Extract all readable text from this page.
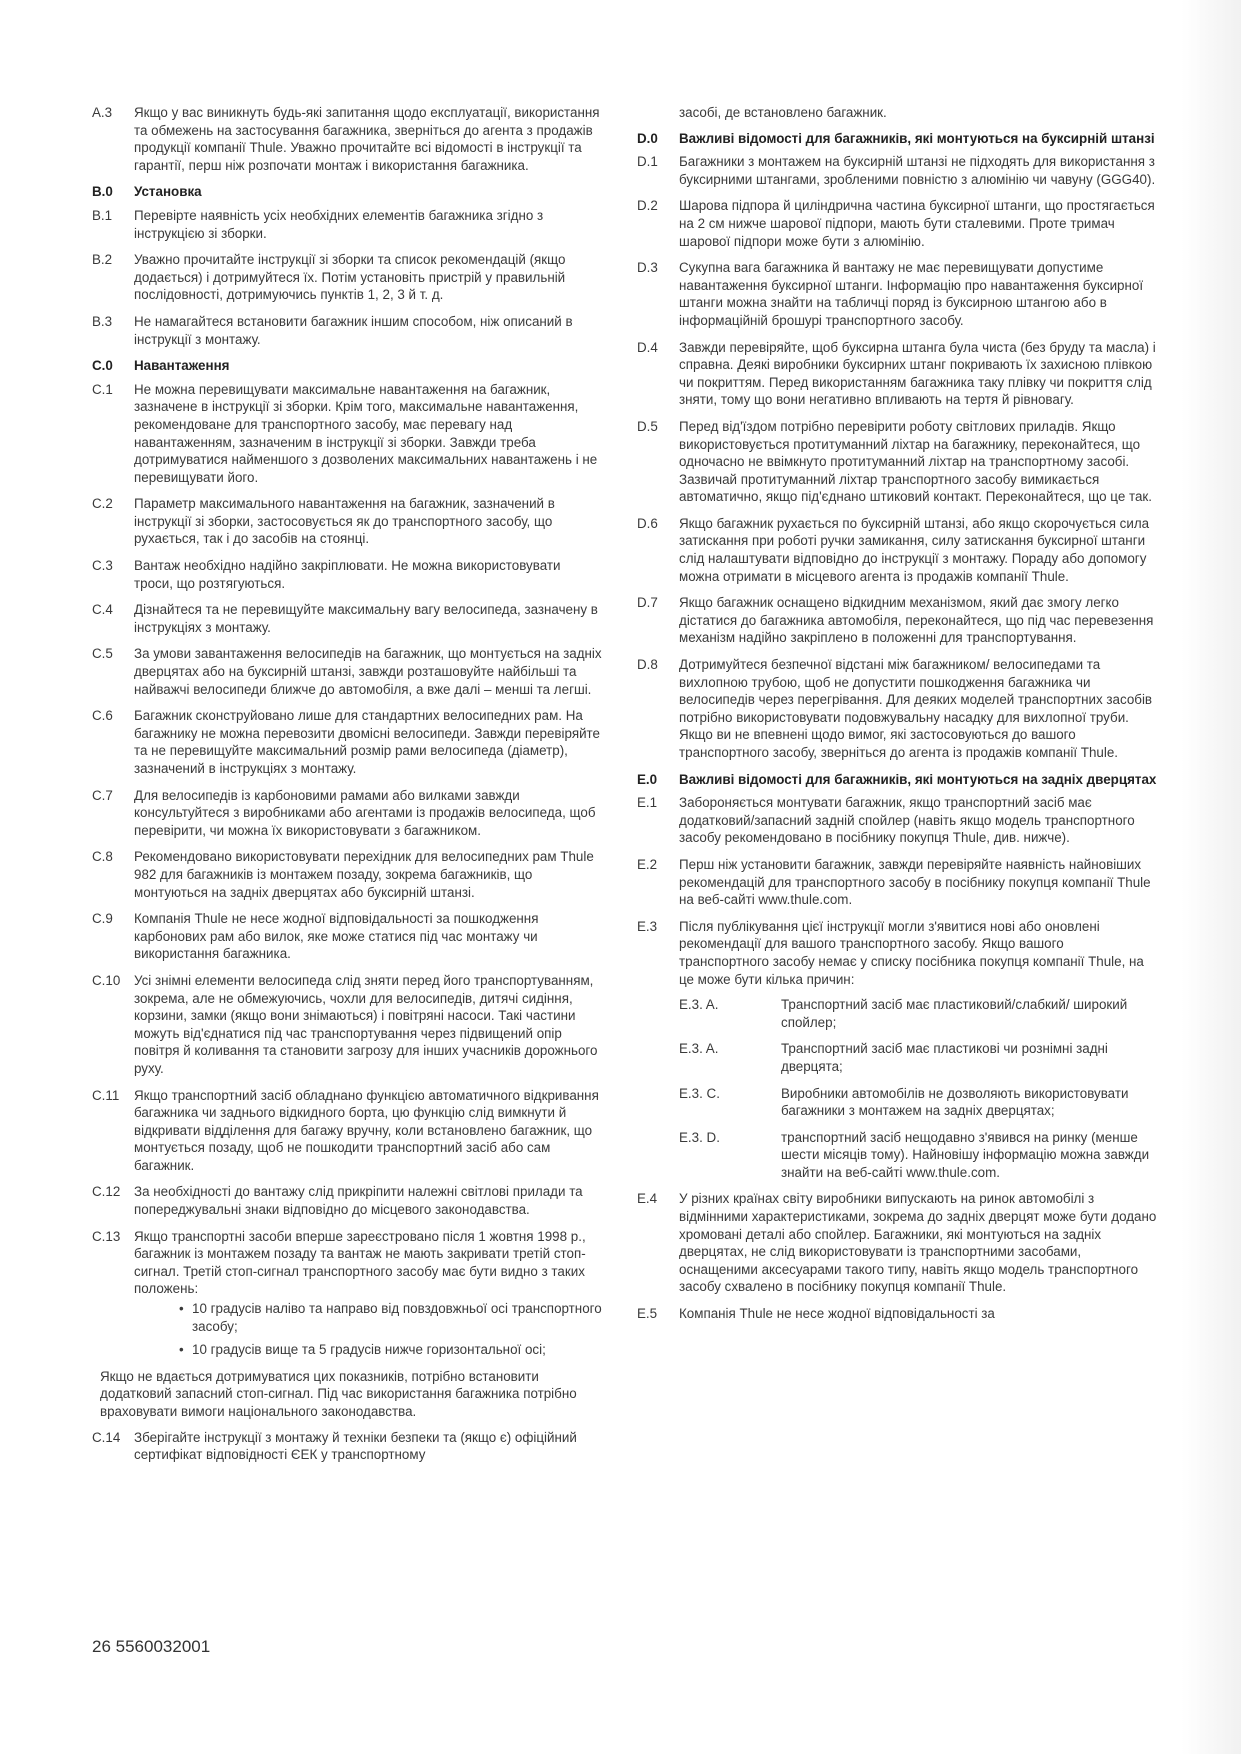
A.3 Якщо у вас виникнуть будь-які запитання щодо експлуатації, використання та обмежень на застосування багажника, зверніться до агента з продажів продукції компанії Thule. Уважно прочитайте всі відомості в інструкції та гарантії, перш ніж розпочати монтаж і використання багажника.
B.0 Установка
B.1 Перевірте наявність усіх необхідних елементів багажника згідно з інструкцією зі зборки.
B.2 Уважно прочитайте інструкції зі зборки та список рекомендацій (якщо додається) і дотримуйтеся їх. Потім установіть пристрій у правильній послідовності, дотримуючись пунктів 1, 2, 3 й т. д.
B.3 Не намагайтеся встановити багажник іншим способом, ніж описаний в інструкції з монтажу.
C.0 Навантаження
C.1 Не можна перевищувати максимальне навантаження на багажник, зазначене в інструкції зі зборки. Крім того, максимальне навантаження, рекомендоване для транспортного засобу, має перевагу над навантаженням, зазначеним в інструкції зі зборки. Завжди треба дотримуватися найменшого з дозволених максимальних навантажень і не перевищувати його.
C.2 Параметр максимального навантаження на багажник, зазначений в інструкції зі зборки, застосовується як до транспортного засобу, що рухається, так і до засобів на стоянці.
C.3 Вантаж необхідно надійно закріплювати. Не можна використовувати троси, що розтягуються.
C.4 Дізнайтеся та не перевищуйте максимальну вагу велосипеда, зазначену в інструкціях з монтажу.
C.5 За умови завантаження велосипедів на багажник, що монтується на задніх дверцятах або на буксирній штанзі, завжди розташовуйте найбільші та найважчі велосипеди ближче до автомобіля, а вже далі – менші та легші.
C.6 Багажник сконструйовано лише для стандартних велосипедних рам. На багажнику не можна перевозити двомісні велосипеди. Завжди перевіряйте та не перевищуйте максимальний розмір рами велосипеда (діаметр), зазначений в інструкціях з монтажу.
C.7 Для велосипедів із карбоновими рамами або вилками завжди консультуйтеся з виробниками або агентами із продажів велосипеда, щоб перевірити, чи можна їх використовувати з багажником.
C.8 Рекомендовано використовувати перехідник для велосипедних рам Thule 982 для багажників із монтажем позаду, зокрема багажників, що монтуються на задніх дверцятах або буксирній штанзі.
C.9 Компанія Thule не несе жодної відповідальності за пошкодження карбонових рам або вилок, яке може статися під час монтажу чи використання багажника.
C.10 Усі знімні елементи велосипеда слід зняти перед його транспортуванням, зокрема, але не обмежуючись, чохли для велосипедів, дитячі сидіння, корзини, замки (якщо вони знімаються) і повітряні насоси. Такі частини можуть від'єднатися під час транспортування через підвищений опір повітря й коливання та становити загрозу для інших учасників дорожнього руху.
C.11 Якщо транспортний засіб обладнано функцією автоматичного відкривання багажника чи заднього відкидного борта, цю функцію слід вимкнути й відкривати відділення для багажу вручну, коли встановлено багажник, що монтується позаду, щоб не пошкодити транспортний засіб або сам багажник.
C.12 За необхідності до вантажу слід прикріпити належні світлові прилади та попереджувальні знаки відповідно до місцевого законодавства.
C.13 Якщо транспортні засоби вперше зареєстровано після 1 жовтня 1998 р., багажник із монтажем позаду та вантаж не мають закривати третій стоп-сигнал. Третій стоп-сигнал транспортного засобу має бути видно з таких положень:
• 10 градусів наліво та направо від повздовжньої осі транспортного засобу;
• 10 градусів вище та 5 градусів нижче горизонтальної осі;
Якщо не вдається дотримуватися цих показників, потрібно встановити додатковий запасний стоп-сигнал. Під час використання багажника потрібно враховувати вимоги національного законодавства.
C.14 Зберігайте інструкції з монтажу й техніки безпеки та (якщо є) офіційний сертифікат відповідності ЄЕК у транспортному
засобі, де встановлено багажник.
D.0 Важливі відомості для багажників, які монтуються на буксирній штанзі
D.1 Багажники з монтажем на буксирній штанзі не підходять для використання з буксирними штангами, зробленими повністю з алюмінію чи чавуну (GGG40).
D.2 Шарова підпора й циліндрична частина буксирної штанги, що простягається на 2 см нижче шарової підпори, мають бути сталевими. Проте тримач шарової підпори може бути з алюмінію.
D.3 Сукупна вага багажника й вантажу не має перевищувати допустиме навантаження буксирної штанги. Інформацію про навантаження буксирної штанги можна знайти на табличці поряд із буксирною штангою або в інформаційній брошурі транспортного засобу.
D.4 Завжди перевіряйте, щоб буксирна штанга була чиста (без бруду та масла) і справна. Деякі виробники буксирних штанг покривають їх захисною плівкою чи покриттям. Перед використанням багажника таку плівку чи покриття слід зняти, тому що вони негативно впливають на тертя й рівновагу.
D.5 Перед від'їздом потрібно перевірити роботу світлових приладів. Якщо використовується протитуманний ліхтар на багажнику, переконайтеся, що одночасно не ввімкнуто протитуманний ліхтар на транспортному засобі. Зазвичай протитуманний ліхтар транспортного засобу вимикається автоматично, якщо під'єднано штиковий контакт. Переконайтеся, що це так.
D.6 Якщо багажник рухається по буксирній штанзі, або якщо скорочується сила затискання при роботі ручки замикання, силу затискання буксирної штанги слід налаштувати відповідно до інструкції з монтажу. Пораду або допомогу можна отримати в місцевого агента із продажів компанії Thule.
D.7 Якщо багажник оснащено відкидним механізмом, який дає змогу легко дістатися до багажника автомобіля, переконайтеся, що під час перевезення механізм надійно закріплено в положенні для транспортування.
D.8 Дотримуйтеся безпечної відстані між багажником/ велосипедами та вихлопною трубою, щоб не допустити пошкодження багажника чи велосипедів через перегрівання. Для деяких моделей транспортних засобів потрібно використовувати подовжувальну насадку для вихлопної труби. Якщо ви не впевнені щодо вимог, які застосовуються до вашого транспортного засобу, зверніться до агента із продажів компанії Thule.
E.0 Важливі відомості для багажників, які монтуються на задніх дверцятах
E.1 Забороняється монтувати багажник, якщо транспортний засіб має додатковий/запасний задній спойлер (навіть якщо модель транспортного засобу рекомендовано в посібнику покупця Thule, див. нижче).
E.2 Перш ніж установити багажник, завжди перевіряйте наявність найновіших рекомендацій для транспортного засобу в посібнику покупця компанії Thule на веб-сайті www.thule.com.
E.3 Після публікування цієї інструкції могли з'явитися нові або оновлені рекомендації для вашого транспортного засобу. Якщо вашого транспортного засобу немає у списку посібника покупця компанії Thule, на це може бути кілька причин:
E.3. A.	Транспортний засіб має пластиковий/слабкий/ широкий спойлер;
E.3. A.	Транспортний засіб має пластикові чи рознімні задні дверцята;
E.3. C.	Виробники автомобілів не дозволяють використовувати багажники з монтажем на задніх дверцятах;
E.3. D.	транспортний засіб нещодавно з'явився на ринку (менше шести місяців тому). Найновішу інформацію можна завжди знайти на веб-сайті www.thule.com.
E.4 У різних країнах світу виробники випускають на ринок автомобілі з відмінними характеристиками, зокрема до задніх дверцят може бути додано хромовані деталі або спойлер. Багажники, які монтуються на задніх дверцятах, не слід використовувати із транспортними засобами, оснащеними аксесуарами такого типу, навіть якщо модель транспортного засобу схвалено в посібнику покупця компанії Thule.
E.5 Компанія Thule не несе жодної відповідальності за
26 5560032001
